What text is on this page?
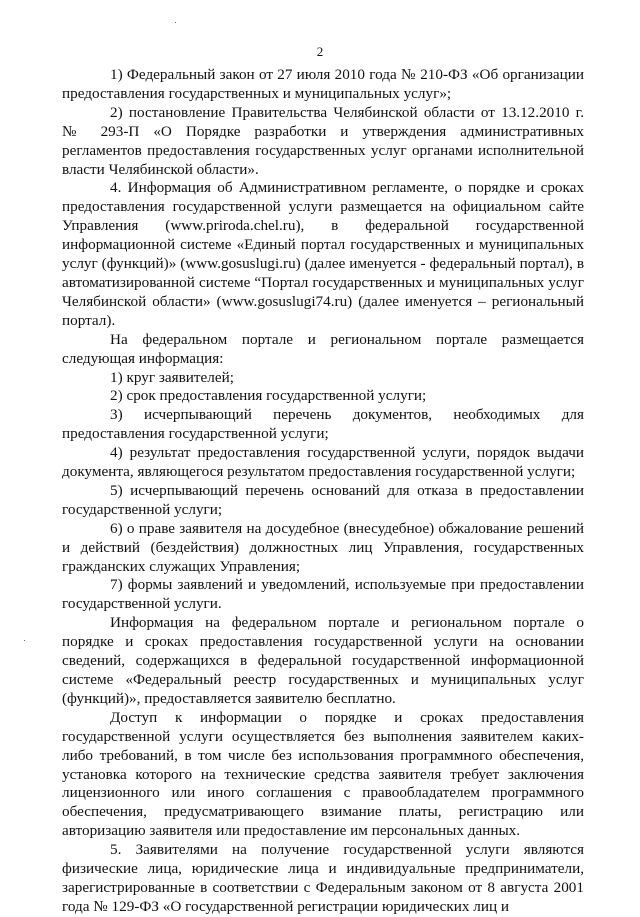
2

1) Федеральный закон от 27 июля 2010 года № 210-ФЗ «Об организации предоставления государственных и муниципальных услуг»;

2) постановление Правительства Челябинской области от 13.12.2010 г. № 293-П «О Порядке разработки и утверждения административных регламентов предоставления государственных услуг органами исполнительной власти Челябинской области».

4. Информация об Административном регламенте, о порядке и сроках предоставления государственной услуги размещается на официальном сайте Управления (www.priroda.chel.ru), в федеральной государственной информационной системе «Единый портал государственных и муниципальных услуг (функций)» (www.gosuslugi.ru) (далее именуется - федеральный портал), в автоматизированной системе “Портал государственных и муниципальных услуг Челябинской области» (www.gosuslugi74.ru) (далее именуется – региональный портал).

На федеральном портале и региональном портале размещается следующая информация:

1) круг заявителей;

2) срок предоставления государственной услуги;

3) исчерпывающий перечень документов, необходимых для предоставления государственной услуги;

4) результат предоставления государственной услуги, порядок выдачи документа, являющегося результатом предоставления государственной услуги;

5) исчерпывающий перечень оснований для отказа в предоставлении государственной услуги;

6) о праве заявителя на досудебное (внесудебное) обжалование решений и действий (бездействия) должностных лиц Управления, государственных гражданских служащих Управления;

7) формы заявлений и уведомлений, используемые при предоставлении государственной услуги.

Информация на федеральном портале и региональном портале о порядке и сроках предоставления государственной услуги на основании сведений, содержащихся в федеральной государственной информационной системе «Федеральный реестр государственных и муниципальных услуг (функций)», предоставляется заявителю бесплатно.

Доступ к информации о порядке и сроках предоставления государственной услуги осуществляется без выполнения заявителем каких-либо требований, в том числе без использования программного обеспечения, установка которого на технические средства заявителя требует заключения лицензионного или иного соглашения с правообладателем программного обеспечения, предусматривающего взимание платы, регистрацию или авторизацию заявителя или предоставление им персональных данных.

5. Заявителями на получение государственной услуги являются физические лица, юридические лица и индивидуальные предприниматели, зарегистрированные в соответствии с Федеральным законом от 8 августа 2001 года № 129-ФЗ «О государственной регистрации юридических лиц и
